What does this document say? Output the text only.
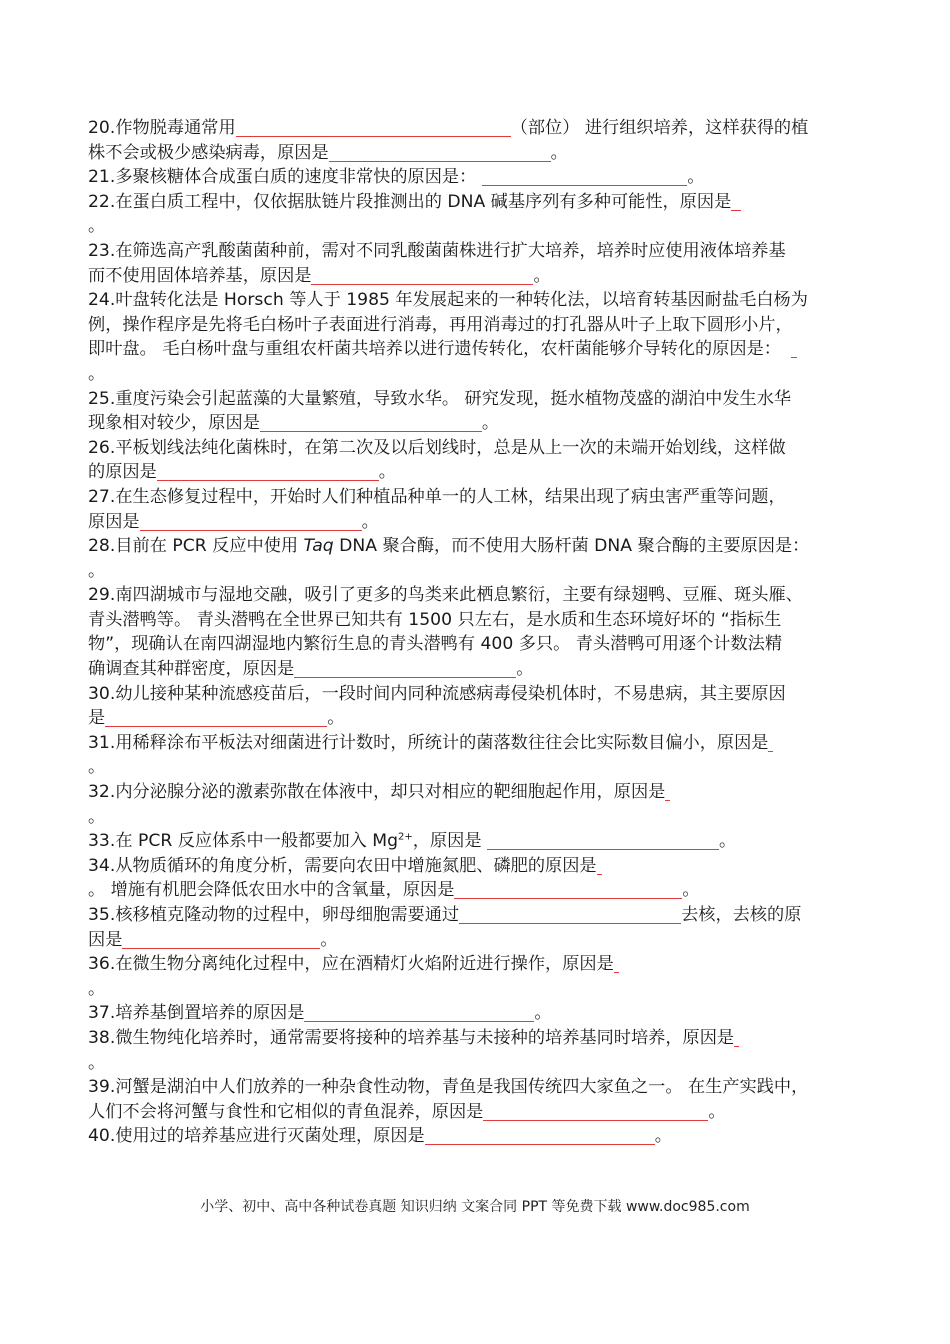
20.作物脱毒通常用	（部位） 进行组织培养，这样获得的植

株不会或极少感染病毒，原因是	。

21.多聚核糖体合成蛋白质的速度非常快的原因是：	。

22.在蛋白质工程中，仅依据肽链片段推测出的 DNA 碱基序列有多种可能性，原因是

。

23.在筛选高产乳酸菌菌种前，需对不同乳酸菌菌株进行扩大培养，培养时应使用液体培养基

而不使用固体培养基，原因是	。

24.叶盘转化法是 Horsch 等人于 1985 年发展起来的一种转化法，以培育转基因耐盐毛白杨为

例，操作程序是先将毛白杨叶子表面进行消毒，再用消毒过的打孔器从叶子上取下圆形小片，

即叶盘。 毛白杨叶盘与重组农杆菌共培养以进行遗传转化，农杆菌能够介导转化的原因是：

。

25.重度污染会引起蓝藻的大量繁殖，导致水华。 研究发现，挺水植物茂盛的湖泊中发生水华

现象相对较少，原因是	。

26.平板划线法纯化菌株时，在第二次及以后划线时，总是从上一次的未端开始划线，这样做

的原因是	。

27.在生态修复过程中，开始时人们种植品种单一的人工林，结果出现了病虫害严重等问题，

原因是	。

28.目前在 PCR 反应中使用 Taq DNA 聚合酶，而不使用大肠杆菌 DNA 聚合酶的主要原因是：

。

29.南四湖城市与湿地交融，吸引了更多的鸟类来此栖息繁衍，主要有绿翅鸭、豆雁、斑头雁、

青头潜鸭等。 青头潜鸭在全世界已知共有 1500 只左右，是水质和生态环境好坏的 “指标生

物”，现确认在南四湖湿地内繁衍生息的青头潜鸭有 400 多只。 青头潜鸭可用逐个计数法精

确调查其种群密度，原因是	。

30.幼儿接种某种流感疫苗后，一段时间内同种流感病毒侵染机体时，不易患病，其主要原因

是	。

31.用稀释涂布平板法对细菌进行计数时，所统计的菌落数往往会比实际数目偏小，原因是

。

32.内分泌腺分泌的激素弥散在体液中，却只对相应的靶细胞起作用，原因是

。

33.在 PCR 反应体系中一般都要加入 $Mg^{2+}$，原因是	。

34.从物质循环的角度分析，需要向农田中增施氮肥、磷肥的原因是

。 增施有机肥会降低农田水中的含氧量，原因是	。

35.核移植克隆动物的过程中，卵母细胞需要通过	去核，去核的原

因是	。

36.在微生物分离纯化过程中，应在酒精灯火焰附近进行操作，原因是

。

37.培养基倒置培养的原因是	。

38.微生物纯化培养时，通常需要将接种的培养基与未接种的培养基同时培养，原因是

。

39.河蟹是湖泊中人们放养的一种杂食性动物，青鱼是我国传统四大家鱼之一。 在生产实践中，

人们不会将河蟹与食性和它相似的青鱼混养，原因是	。

40.使用过的培养基应进行灭菌处理，原因是	。

小学、初中、高中各种试卷真题 知识归纳 文案合同 PPT 等免费下载 www.doc985.com
